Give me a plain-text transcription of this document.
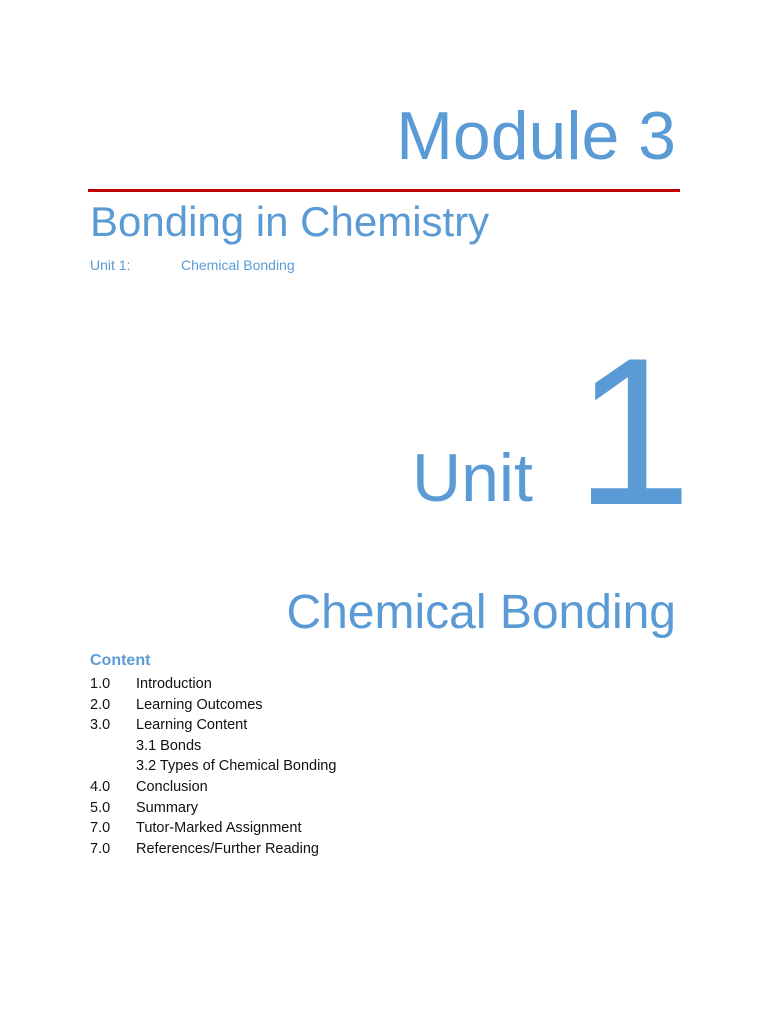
Module 3
Bonding in Chemistry
Unit 1:	Chemical Bonding
Unit 1
Chemical Bonding
Content
1.0 Introduction
2.0 Learning Outcomes
3.0 Learning Content
3.1 Bonds
3.2 Types of Chemical Bonding
4.0 Conclusion
5.0 Summary
7.0 Tutor-Marked Assignment
7.0 References/Further Reading
